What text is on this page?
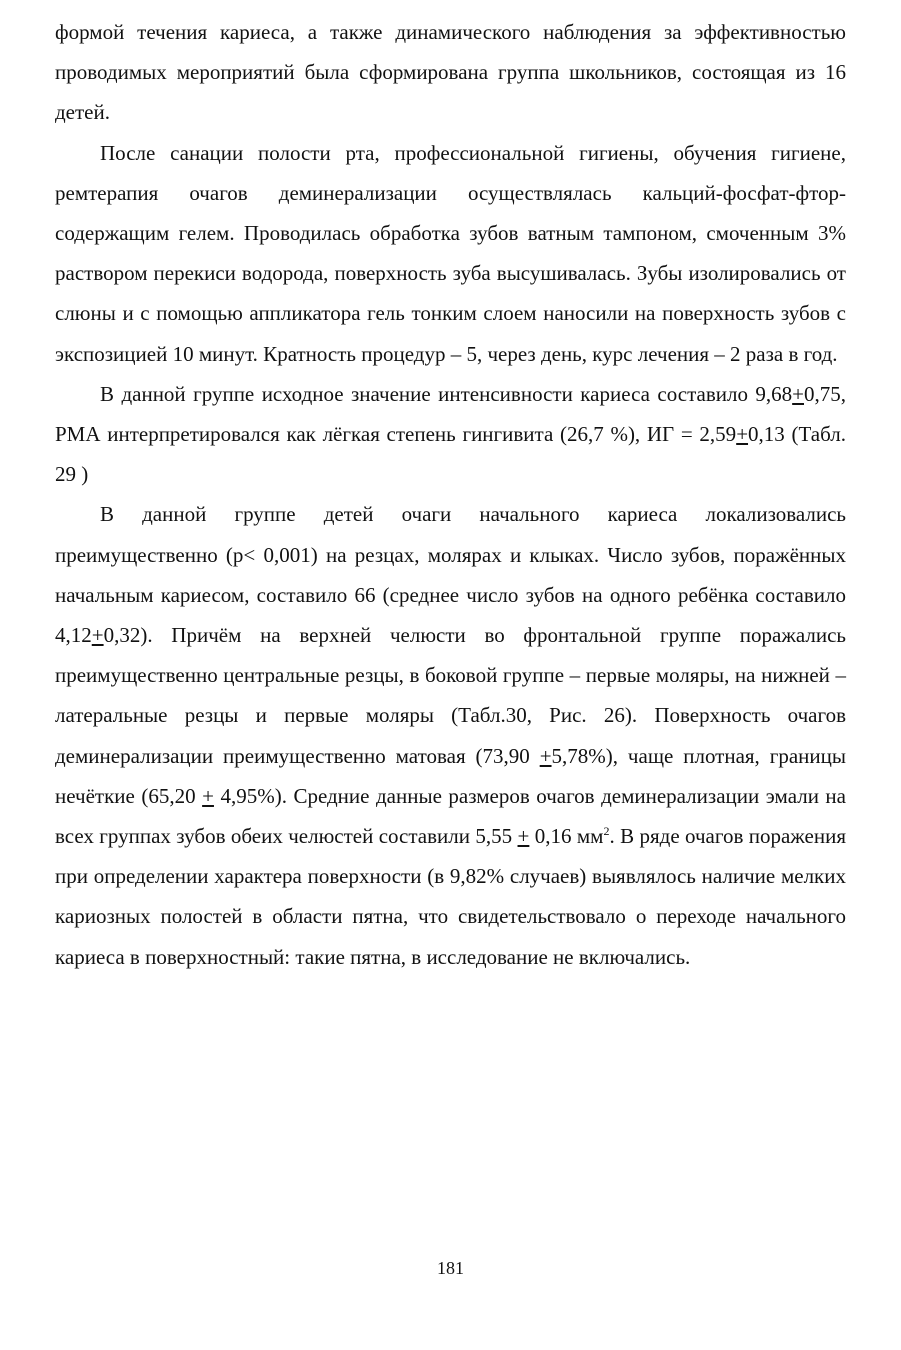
формой течения кариеса, а также динамического наблюдения за эффективностью проводимых мероприятий была сформирована группа школьников, состоящая из 16 детей.

После санации полости рта, профессиональной гигиены, обучения гигиене, ремтерапия очагов деминерализации осуществлялась кальций-фосфат-фтор-содержащим гелем. Проводилась обработка зубов ватным тампоном, смоченным 3% раствором перекиси водорода, поверхность зуба высушивалась. Зубы изолировались от слюны и с помощью аппликатора гель тонким слоем наносили на поверхность зубов с экспозицией 10 минут. Кратность процедур – 5, через день, курс лечения – 2 раза в год.

В данной группе исходное значение интенсивности кариеса составило 9,68+0,75, РМА интерпретировался как лёгкая степень гингивита (26,7 %), ИГ = 2,59+0,13 (Табл. 29 )

В данной группе детей очаги начального кариеса локализовались преимущественно (р< 0,001) на резцах, молярах и клыках. Число зубов, поражённых начальным кариесом, составило 66 (среднее число зубов на одного ребёнка составило 4,12+0,32). Причём на верхней челюсти во фронтальной группе поражались преимущественно центральные резцы, в боковой группе – первые моляры, на нижней – латеральные резцы и первые моляры (Табл.30, Рис. 26). Поверхность очагов деминерализации преимущественно матовая (73,90 +5,78%), чаще плотная, границы нечёткие (65,20 + 4,95%). Средние данные размеров очагов деминерализации эмали на всех группах зубов обеих челюстей составили 5,55 + 0,16 $мм^2$. В ряде очагов поражения при определении характера поверхности (в 9,82% случаев) выявлялось наличие мелких кариозных полостей в области пятна, что свидетельствовало о переходе начального кариеса в поверхностный: такие пятна, в исследование не включались.

181
